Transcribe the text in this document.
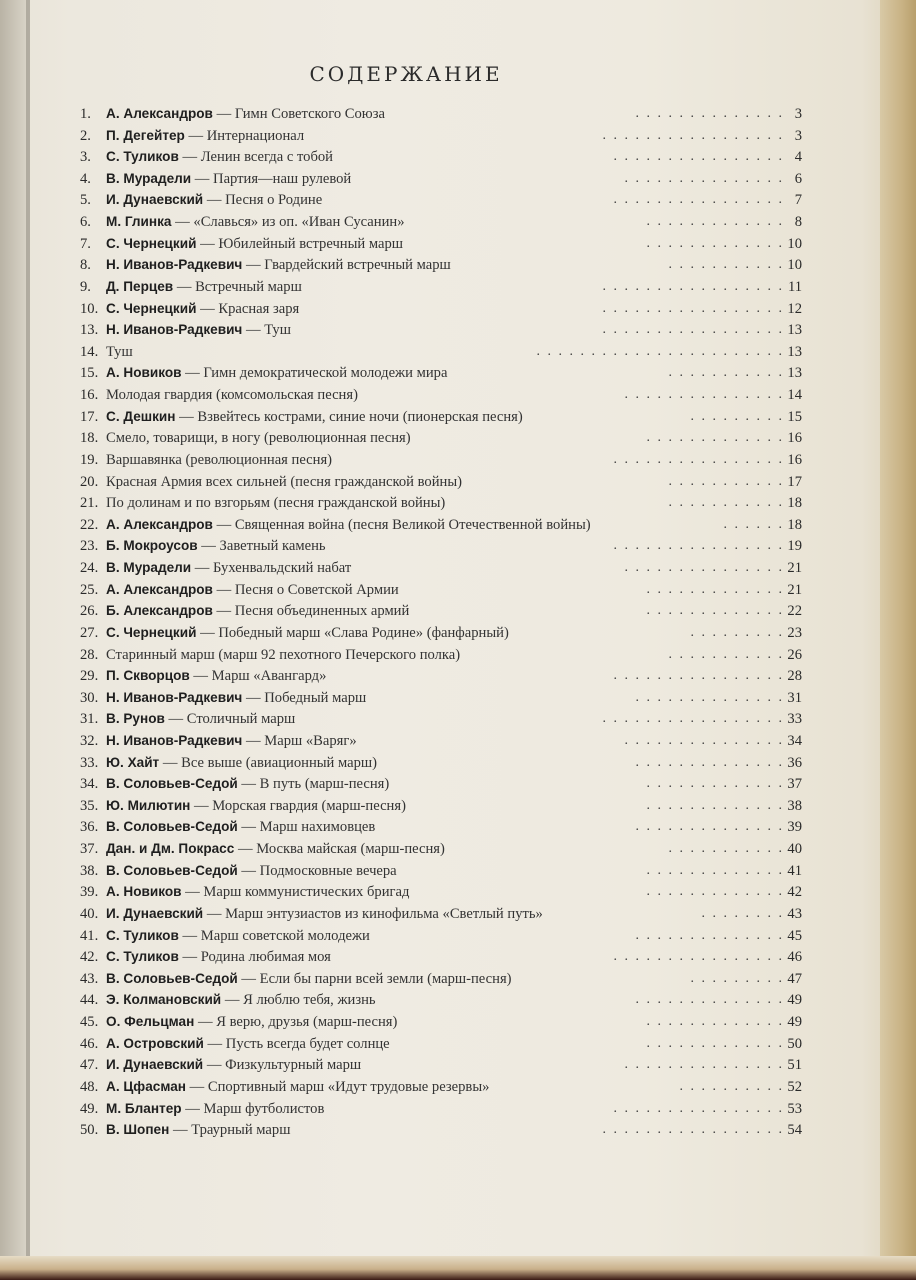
СОДЕРЖАНИЕ
1. А. Александров — Гимн Советского Союза	. . . . . . . . . . . . . . 3
2. П. Дегейтер — Интернационал	. . . . . . . . . . . . . . . . . 3
3. С. Туликов — Ленин всегда с тобой	. . . . . . . . . . . . . . . . 4
4. В. Мурадели — Партия—наш рулевой	. . . . . . . . . . . . . . . 6
5. И. Дунаевский — Песня о Родине	. . . . . . . . . . . . . . . . 7
6. М. Глинка — «Славься» из оп. «Иван Сусанин»	. . . . . . . . . . . . . 8
7. С. Чернецкий — Юбилейный встречный марш	. . . . . . . . . . . . . 10
8. Н. Иванов-Радкевич — Гвардейский встречный марш	. . . . . . . . . . . 10
9. Д. Перцев — Встречный марш	. . . . . . . . . . . . . . . . . 11
10. С. Чернецкий — Красная заря	. . . . . . . . . . . . . . . . . 12
13. Н. Иванов-Радкевич — Туш	. . . . . . . . . . . . . . . . . 13
14. Туш	. . . . . . . . . . . . . . . . . . . . . . . 13
15. А. Новиков — Гимн демократической молодежи мира	. . . . . . . . . . . 13
16. Молодая гвардия (комсомольская песня)	. . . . . . . . . . . . . . . 14
17. С. Дешкин — Взвейтесь кострами, синие ночи (пионерская песня)	. . . . . . . . . 15
18. Смело, товарищи, в ногу (революционная песня)	. . . . . . . . . . . . . 16
19. Варшавянка (революционная песня)	. . . . . . . . . . . . . . . . 16
20. Красная Армия всех сильней (песня гражданской войны)	. . . . . . . . . . . 17
21. По долинам и по взгорьям (песня гражданской войны)	. . . . . . . . . . . 18
22. А. Александров — Священная война (песня Великой Отечественной войны)	. . . . . . 18
23. Б. Мокроусов — Заветный камень	. . . . . . . . . . . . . . . . 19
24. В. Мурадели — Бухенвальдский набат	. . . . . . . . . . . . . . . 21
25. А. Александров — Песня о Советской Армии	. . . . . . . . . . . . . 21
26. Б. Александров — Песня объединенных армий	. . . . . . . . . . . . . 22
27. С. Чернецкий — Победный марш «Слава Родине» (фанфарный)	. . . . . . . . . 23
28. Старинный марш (марш 92 пехотного Печерского полка)	. . . . . . . . . . . 26
29. П. Скворцов — Марш «Авангард»	. . . . . . . . . . . . . . . . 28
30. Н. Иванов-Радкевич — Победный марш	. . . . . . . . . . . . . . 31
31. В. Рунов — Столичный марш	. . . . . . . . . . . . . . . . . 33
32. Н. Иванов-Радкевич — Марш «Варяг»	. . . . . . . . . . . . . . . 34
33. Ю. Хайт — Все выше (авиационный марш)	. . . . . . . . . . . . . . 36
34. В. Соловьев-Седой — В путь (марш-песня)	. . . . . . . . . . . . . 37
35. Ю. Милютин — Морская гвардия (марш-песня)	. . . . . . . . . . . . . 38
36. В. Соловьев-Седой — Марш нахимовцев	. . . . . . . . . . . . . . 39
37. Дан. и Дм. Покрасс — Москва майская (марш-песня)	. . . . . . . . . . . 40
38. В. Соловьев-Седой — Подмосковные вечера	. . . . . . . . . . . . . 41
39. А. Новиков — Марш коммунистических бригад	. . . . . . . . . . . . . 42
40. И. Дунаевский — Марш энтузиастов из кинофильма «Светлый путь»	. . . . . . . . 43
41. С. Туликов — Марш советской молодежи	. . . . . . . . . . . . . . 45
42. С. Туликов — Родина любимая моя	. . . . . . . . . . . . . . . . 46
43. В. Соловьев-Седой — Если бы парни всей земли (марш-песня)	. . . . . . . . . 47
44. Э. Колмановский — Я люблю тебя, жизнь	. . . . . . . . . . . . . . 49
45. О. Фельцман — Я верю, друзья (марш-песня)	. . . . . . . . . . . . . 49
46. А. Островский — Пусть всегда будет солнце	. . . . . . . . . . . . . 50
47. И. Дунаевский — Физкультурный марш	. . . . . . . . . . . . . . . 51
48. А. Цфасман — Спортивный марш «Идут трудовые резервы»	. . . . . . . . . . 52
49. М. Блантер — Марш футболистов	. . . . . . . . . . . . . . . . 53
50. В. Шопен — Траурный марш	. . . . . . . . . . . . . . . . . 54
